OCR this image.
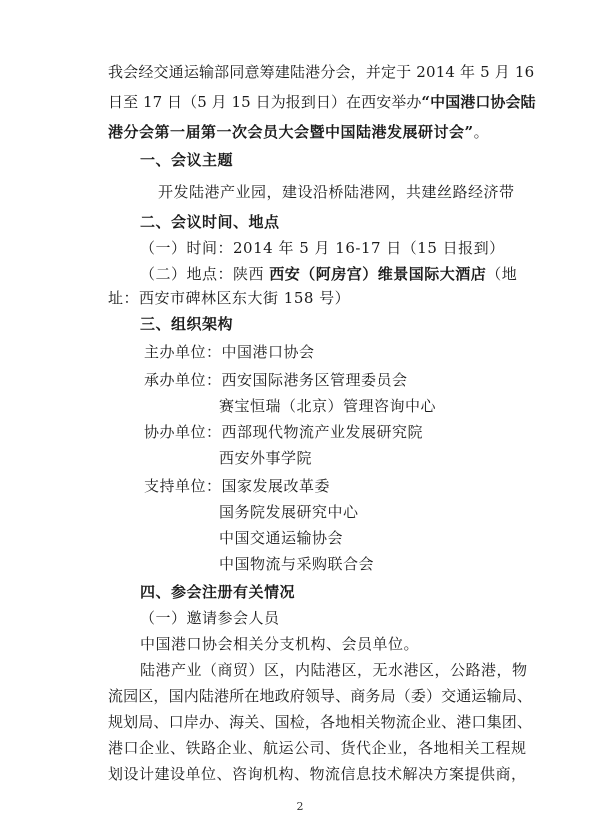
我会经交通运输部同意筹建陆港分会，并定于 2014 年 5 月 16
日至 17 日（5 月 15 日为报到日）在西安举办“中国港口协会陆
港分会第一届第一次会员大会暨中国陆港发展研讨会”。
一、会议主题
开发陆港产业园，建设沿桥陆港网，共建丝路经济带
二、会议时间、地点
（一）时间：2014 年 5 月 16-17 日（15 日报到）
（二）地点：陕西 西安（阿房宫）维景国际大酒店（地
址：西安市碑林区东大街 158 号）
三、组织架构
主办单位：中国港口协会
承办单位：西安国际港务区管理委员会
赛宝恒瑞（北京）管理咨询中心
协办单位：西部现代物流产业发展研究院
西安外事学院
支持单位：国家发展改革委
国务院发展研究中心
中国交通运输协会
中国物流与采购联合会
四、参会注册有关情况
（一）邀请参会人员
中国港口协会相关分支机构、会员单位。
陆港产业（商贸）区，内陆港区，无水港区，公路港，物
流园区，国内陆港所在地政府领导、商务局（委）交通运输局、
规划局、口岸办、海关、国检，各地相关物流企业、港口集团、
港口企业、铁路企业、航运公司、货代企业，各地相关工程规
划设计建设单位、咨询机构、物流信息技术解决方案提供商，
2
